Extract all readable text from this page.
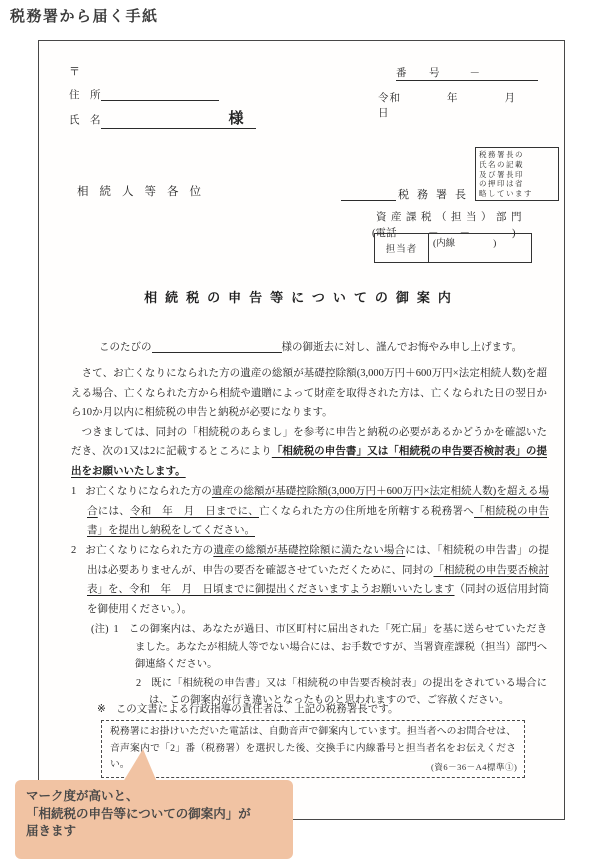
税務署から届く手紙
〒
住　所
氏　名	様
番　号 －
令和　　　　年　　　　月　　　　日
相続人等各位	税務署長
税務署長の
氏名の記載
及び署長印
の押印は省
略しています
資産課税（担当）部門
(電話　　　－　　－　　　　)
担当者
(内線　　　　)
相続税の申告等についての御案内
このたびの	様の御逝去に対し、謹んでお悔やみ申し上げます。

　さて、お亡くなりになられた方の遺産の総額が基礎控除額(3,000万円＋600万円×法定相続人数)を超える場合、亡くなられた方から相続や遺贈によって財産を取得された方は、亡くなられた日の翌日から10か月以内に相続税の申告と納税が必要になります。

　つきましては、同封の「相続税のあらまし」を参考に申告と納税の必要があるかどうかを確認いただき、次の1又は2に記載するところにより「相続税の申告書」又は「相続税の申告要否検討表」の提出をお願いいたします。

1 お亡くなりになられた方の遺産の総額が基礎控除額(3,000万円＋600万円×法定相続人数)を超える場合には、令和　年　月　日までに、亡くなられた方の住所地を所轄する税務署へ「相続税の申告書」を提出し納税をしてください。
2 お亡くなりになられた方の遺産の総額が基礎控除額に満たない場合には、「相続税の申告書」の提出は必要ありませんが、申告の要否を確認させていただくために、同封の「相続税の申告要否検討表」を、令和　年　月　日頃までに御提出くださいますようお願いいたします（同封の返信用封筒を御使用ください。）。
(注) 1 この御案内は、あなたが過日、市区町村に届出された「死亡届」を基に送らせていただきました。あなたが相続人等でない場合には、お手数ですが、当署資産課税（担当）部門へ御連絡ください。
2 既に「相続税の申告書」又は「相続税の申告要否検討表」の提出をされている場合には、この御案内が行き違いとなったものと思われますので、ご容赦ください。
※ この文書による行政指導の責任者は、上記の税務署長です。
税務署にお掛けいただいた電話は、自動音声で御案内しています。担当者へのお問合せは、音声案内で「2」番（税務署）を選択した後、交換手に内線番号と担当者名をお伝えください。	(資6－36－A4標準①)
マーク度が高いと、
「相続税の申告等についての御案内」が
届きます
